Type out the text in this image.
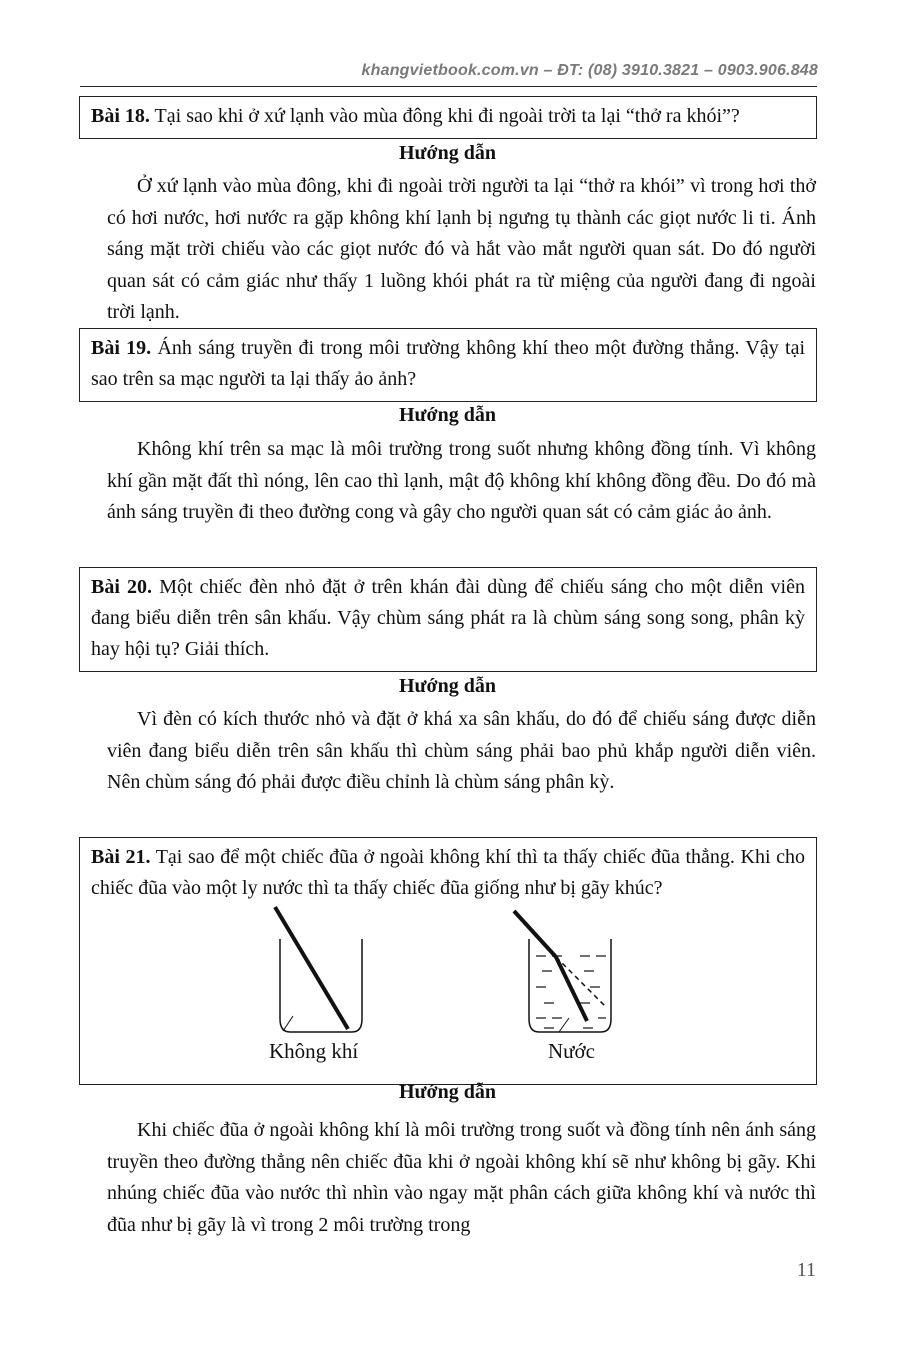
khangvietbook.com.vn – ĐT: (08) 3910.3821 – 0903.906.848
Bài 18. Tại sao khi ở xứ lạnh vào mùa đông khi đi ngoài trời ta lại “thở ra khói”?
Hướng dẫn
Ở xứ lạnh vào mùa đông, khi đi ngoài trời người ta lại “thở ra khói” vì trong hơi thở có hơi nước, hơi nước ra gặp không khí lạnh bị ngưng tụ thành các giọt nước li ti. Ánh sáng mặt trời chiếu vào các giọt nước đó và hắt vào mắt người quan sát. Do đó người quan sát có cảm giác như thấy 1 luồng khói phát ra từ miệng của người đang đi ngoài trời lạnh.
Bài 19. Ánh sáng truyền đi trong môi trường không khí theo một đường thẳng. Vậy tại sao trên sa mạc người ta lại thấy ảo ảnh?
Hướng dẫn
Không khí trên sa mạc là môi trường trong suốt nhưng không đồng tính. Vì không khí gần mặt đất thì nóng, lên cao thì lạnh, mật độ không khí không đồng đều. Do đó mà ánh sáng truyền đi theo đường cong và gây cho người quan sát có cảm giác ảo ảnh.
Bài 20. Một chiếc đèn nhỏ đặt ở trên khán đài dùng để chiếu sáng cho một diễn viên đang biểu diễn trên sân khấu. Vậy chùm sáng phát ra là chùm sáng song song, phân kỳ hay hội tụ? Giải thích.
Hướng dẫn
Vì đèn có kích thước nhỏ và đặt ở khá xa sân khấu, do đó để chiếu sáng được diễn viên đang biểu diễn trên sân khấu thì chùm sáng phải bao phủ khắp người diễn viên. Nên chùm sáng đó phải được điều chỉnh là chùm sáng phân kỳ.
Bài 21. Tại sao để một chiếc đũa ở ngoài không khí thì ta thấy chiếc đũa thẳng. Khi cho chiếc đũa vào một ly nước thì ta thấy chiếc đũa giống như bị gãy khúc?
Không khí	Nước
Hướng dẫn
Khi chiếc đũa ở ngoài không khí là môi trường trong suốt và đồng tính nên ánh sáng truyền theo đường thẳng nên chiếc đũa khi ở ngoài không khí sẽ như không bị gãy. Khi nhúng chiếc đũa vào nước thì nhìn vào ngay mặt phân cách giữa không khí và nước thì đũa như bị gãy là vì trong 2 môi trường trong
11
